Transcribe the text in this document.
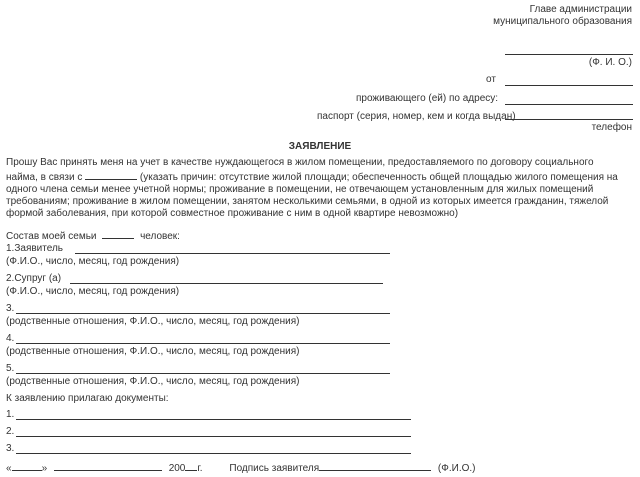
Главе администрации
муниципального образования
(Ф. И. О.)
от
проживающего (ей) по адресу:
паспорт (серия, номер, кем и когда выдан)
телефон
ЗАЯВЛЕНИЕ
Прошу Вас принять меня на учет в качестве нуждающегося в жилом помещении, предоставляемого по договору социального
найма, в связи с	(указать причин: отсутствие жилой площади; обеспеченность общей площадью жилого помещения на
одного члена семьи менее учетной нормы; проживание в помещении, не отвечающем установленным для жилых помещений
требованиям; проживание в жилом помещении, занятом несколькими семьями, в одной из которых имеется гражданин, тяжелой
формой заболевания, при которой совместное проживание с ним в одной квартире невозможно)
Состав моей семьи	человек:
1.Заявитель
(Ф.И.О., число, месяц, год рождения)
2.Супруг (а)
(Ф.И.О., число, месяц, год рождения)
3.
(родственные отношения, Ф.И.О., число, месяц, год рождения)
4.
(родственные отношения, Ф.И.О., число, месяц, год рождения)
5.
(родственные отношения, Ф.И.О., число, месяц, год рождения)
К заявлению прилагаю документы:
1.
2.
3.
«	»	200 г.	Подпись заявителя	(Ф.И.О.)
